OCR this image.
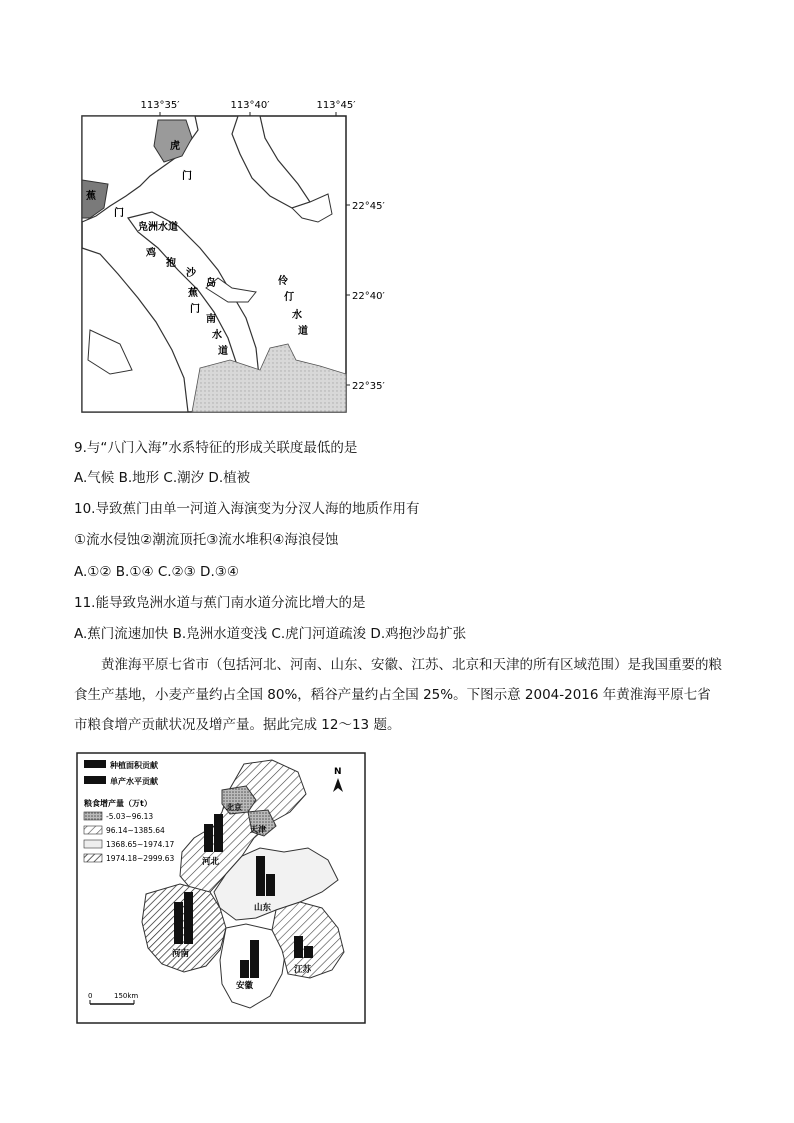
113°35′	113°40′	113°45′
22°45′
22°40′
22°35′
虎
门
蕉
门
凫洲水道
鸡
抱
沙
岛
蕉
门
南
水
道
伶
仃
水
道
9.与“八门入海”水系特征的形成关联度最低的是
A.气候 B.地形 C.潮汐 D.植被
10.导致蕉门由单一河道入海演变为分汊人海的地质作用有
①流水侵蚀②潮流顶托③流水堆积④海浪侵蚀
A.①② B.①④ C.②③ D.③④
11.能导致凫洲水道与蕉门南水道分流比增大的是
A.蕉门流速加快 B.凫洲水道变浅 C.虎门河道疏浚 D.鸡抱沙岛扩张
黄淮海平原七省市（包括河北、河南、山东、安徽、江苏、北京和天津的所有区域范围）是我国重要的粮食生产基地，小麦产量约占全国 80%，稻谷产量约占全国 25%。下图示意 2004-2016 年黄淮海平原七省市粮食增产贡献状况及增产量。据此完成 12～13 题。
种植面积贡献
单产水平贡献
粮食增产量（万t）
-5.03~96.13
96.14~1385.64
1368.65~1974.17
1974.18~2999.63
N
北京
天津
河北
山东
河南
安徽
江苏
0	150km
